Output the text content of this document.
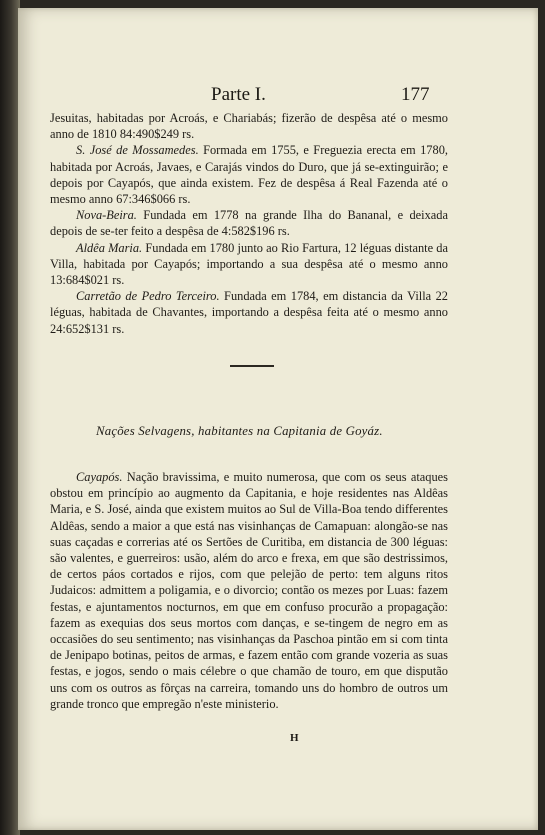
Parte I.	177

Jesuitas, habitadas por Acroás, e Chariabás; fizerão de despêsa até o mesmo anno de 1810 84:490$249 rs.

S. José de Mossamedes. Formada em 1755, e Freguezia erecta em 1780, habitada por Acroás, Javaes, e Carajás vindos do Duro, que já se-extinguirão; e depois por Cayapós, que ainda existem. Fez de despêsa á Real Fazenda até o mesmo anno 67:346$066 rs.

Nova-Beira. Fundada em 1778 na grande Ilha do Bananal, e deixada depois de se-ter feito a despêsa de 4:582$196 rs.

Aldêa Maria. Fundada em 1780 junto ao Rio Fartura, 12 léguas distante da Villa, habitada por Cayapós; importando a sua despêsa até o mesmo anno 13:684$021 rs.

Carretão de Pedro Terceiro. Fundada em 1784, em distancia da Villa 22 léguas, habitada de Chavantes, importando a despêsa feita até o mesmo anno 24:652$131 rs.

Nações Selvagens, habitantes na Capitania de Goyáz.

Cayapós. Nação bravissima, e muito numerosa, que com os seus ataques obstou em princípio ao augmento da Capitania, e hoje residentes nas Aldêas Maria, e S. José, ainda que existem muitos ao Sul de Villa-Boa tendo differentes Aldêas, sendo a maior a que está nas visinhanças de Camapuan: alongão-se nas suas caçadas e correrias até os Sertões de Curitiba, em distancia de 300 léguas: são valentes, e guerreiros: usão, além do arco e frexa, em que são destrissimos, de certos páos cortados e rijos, com que pelejão de perto: tem alguns ritos Judaicos: admittem a poligamia, e o divorcio; contão os mezes por Luas: fazem festas, e ajuntamentos nocturnos, em que em confuso procurão a propagação: fazem as exequias dos seus mortos com danças, e se-tingem de negro em as occasiões do seu sentimento; nas visinhanças da Paschoa pintão em si com tinta de Jenipapo botinas, peitos de armas, e fazem então com grande vozeria as suas festas, e jogos, sendo o mais célebre o que chamão de touro, em que disputão uns com os outros as fôrças na carreira, tomando uns do hombro de outros um grande tronco que empregão n'este ministerio.

H
